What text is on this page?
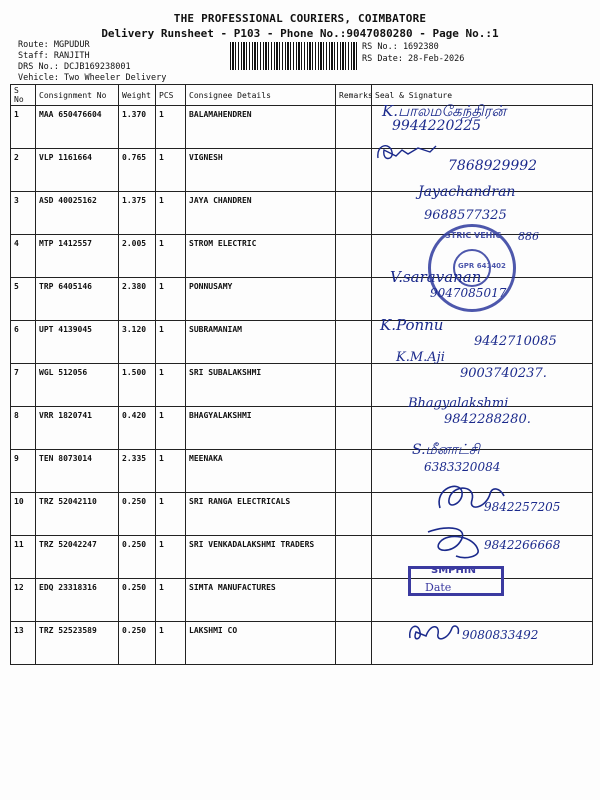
THE PROFESSIONAL COURIERS, COIMBATORE
Delivery Runsheet - P103 - Phone No.:9047080280 - Page No.:1
Route: MGPUDUR
Staff: RANJITH
DRS No.: DCJB169238001
Vehicle: Two Wheeler Delivery
RS No.: 1692380
RS Date: 28-Feb-2026
S No	Consignment No	Weight	PCS	Consignee Details	Remarks	Seal & Signature
1	MAA 650476604	1.370	1	BALAMAHENDREN		
2	VLP 1161664	0.765	1	VIGNESH		
3	ASD 40025162	1.375	1	JAYA CHANDREN		
4	MTP 1412557	2.005	1	STROM ELECTRIC		
5	TRP 6405146	2.380	1	PONNUSAMY		
6	UPT 4139045	3.120	1	SUBRAMANIAM		
7	WGL 512056	1.500	1	SRI SUBALAKSHMI		
8	VRR 1820741	0.420	1	BHAGYALAKSHMI		
9	TEN 8073014	2.335	1	MEENAKA		
10	TRZ 52042110	0.250	1	SRI RANGA ELECTRICALS		
11	TRZ 52042247	0.250	1	SRI VENKADALAKSHMI TRADERS		
12	EDQ 23318316	0.250	1	SIMTA MANUFACTURES		
13	TRZ 52523589	0.250	1	LAKSHMI CO		
K.பாலமகேந்திரன்
9944220225
7868929992
Jayachandran
9688577325
STRIC VEHIC
GPR 641402
886
V.saravanan
9047085017
K.Ponnu
9442710085
K.M.Aji
9003740237.
Bhagyalakshmi
9842288280.
S.மீனாட்சி
6383320084
9842257205
9842266668
SMPHIN
Date
9080833492
